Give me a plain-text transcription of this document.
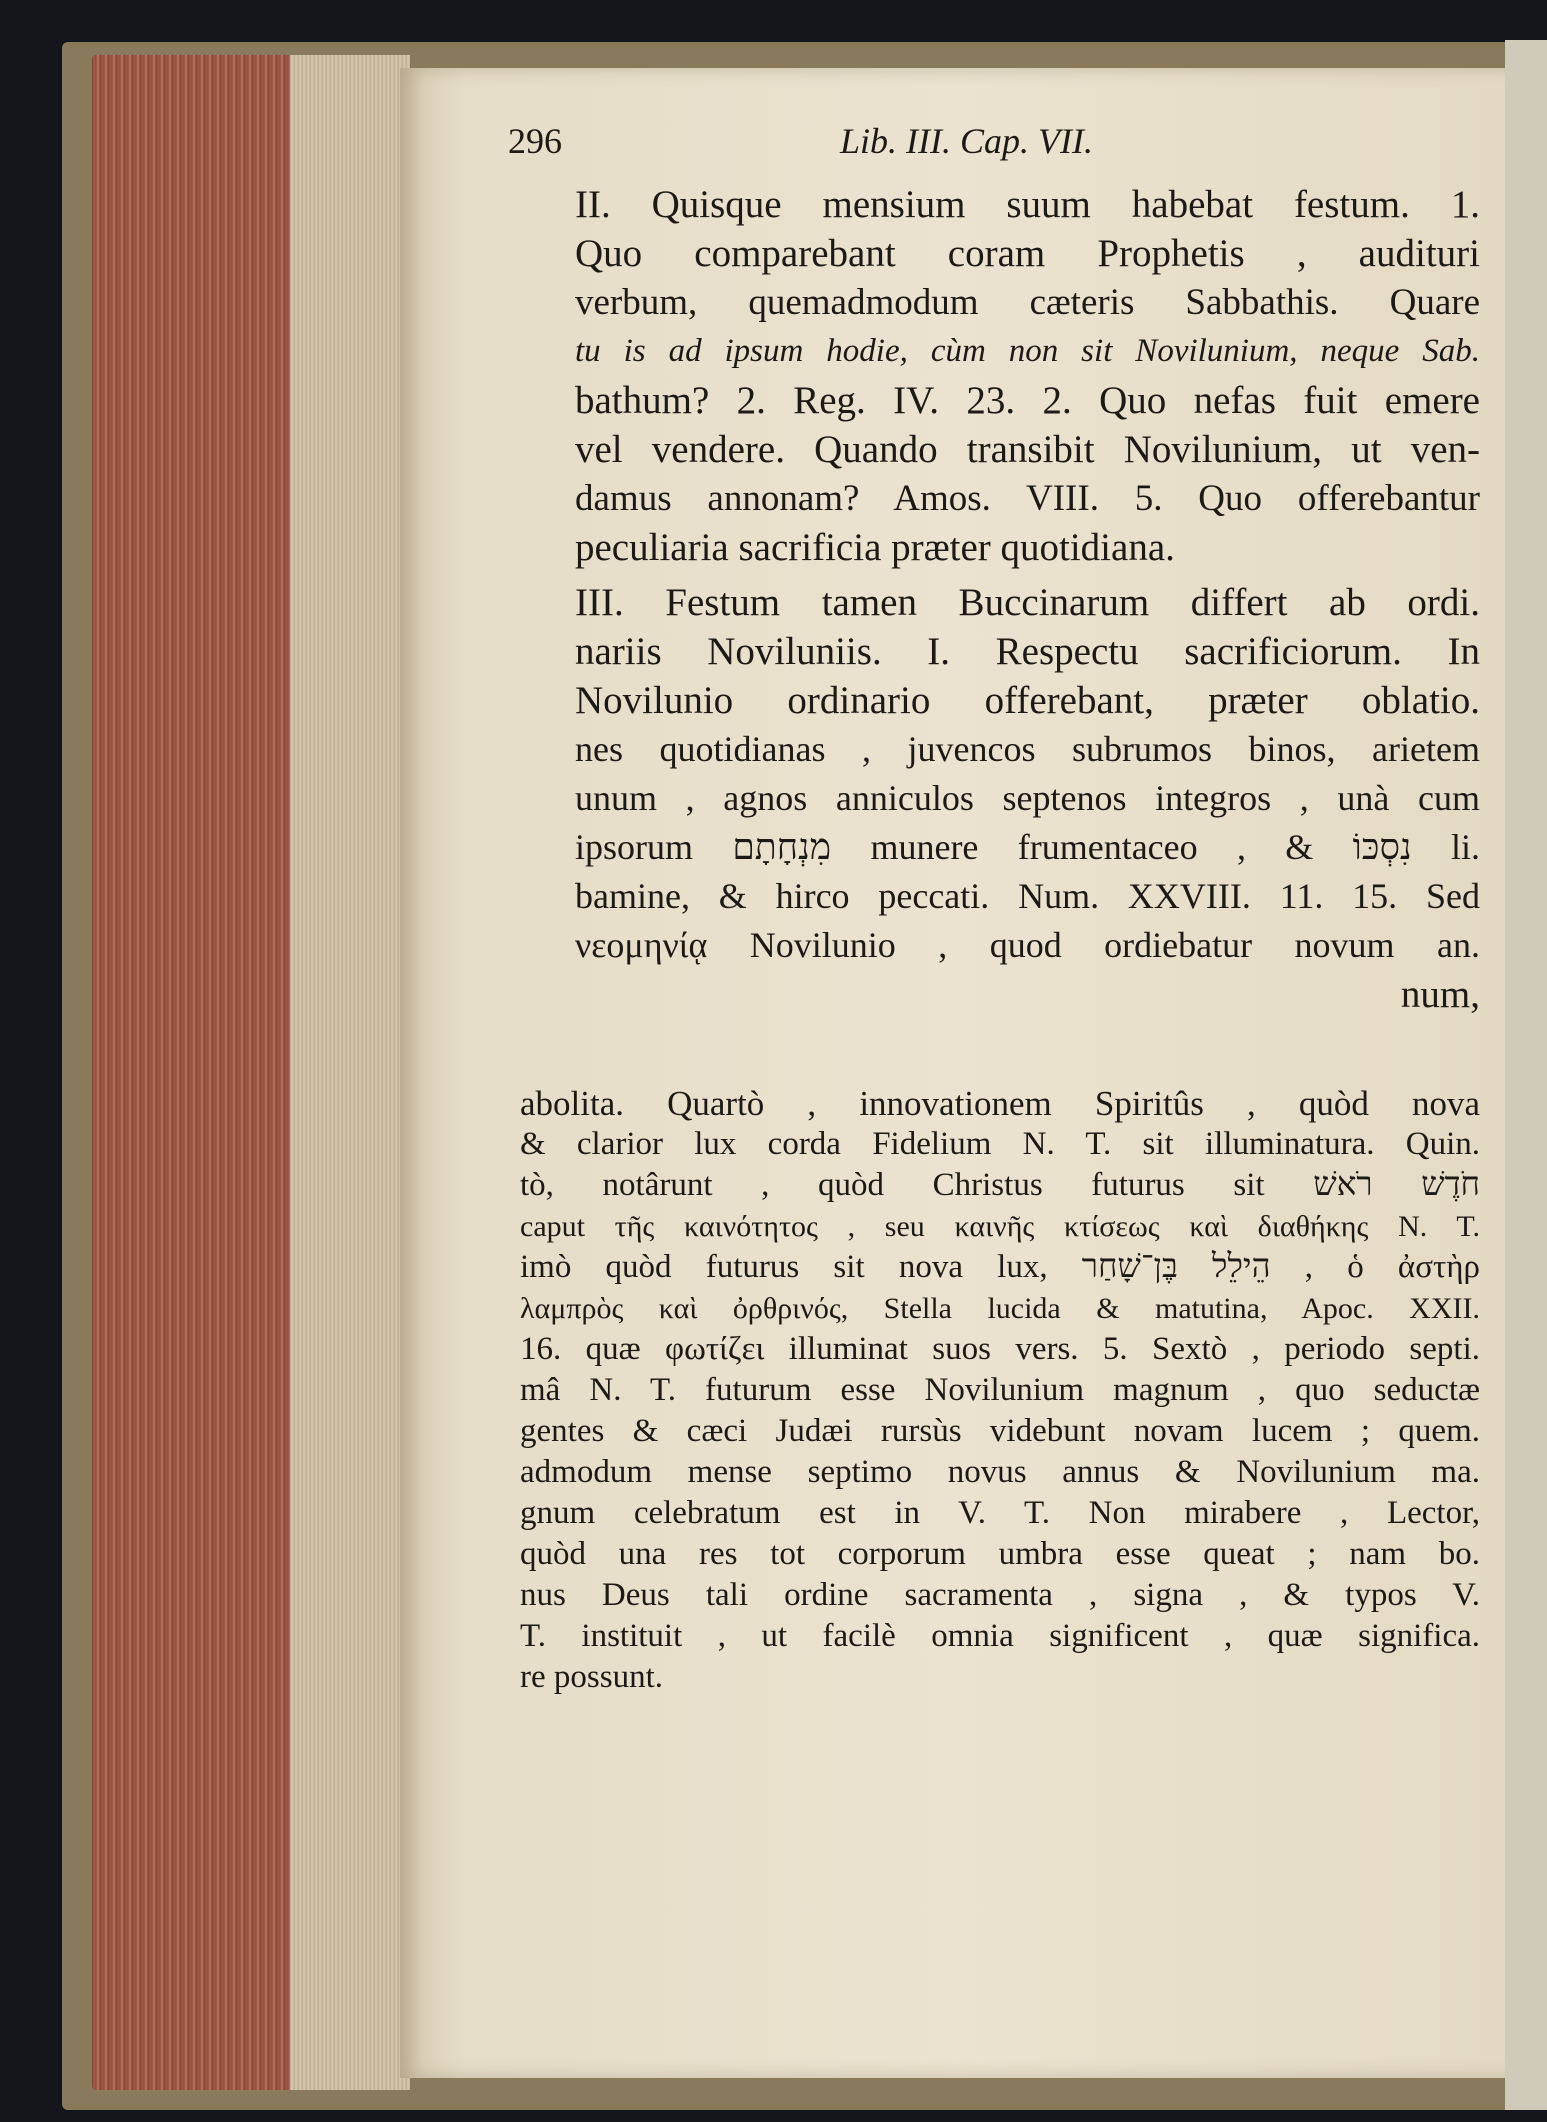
296	Lib. III. Cap. VII.

II. Quisque mensium suum habebat festum. 1.
Quo comparebant coram Prophetis , audituri
verbum, quemadmodum cæteris Sabbathis. Quare
tu is ad ipsum hodie, cùm non sit Novilunium, neque Sab.
bathum? 2. Reg. IV. 23. 2. Quo nefas fuit emere
vel vendere. Quando transibit Novilunium, ut ven-
damus annonam? Amos. VIII. 5. Quo offerebantur
peculiaria sacrificia præter quotidiana.

III. Festum tamen Buccinarum differt ab ordi.
nariis Noviluniis. I. Respectu sacrificiorum. In
Novilunio ordinario offerebant, præter oblatio.
nes quotidianas , juvencos subrumos binos, arietem
unum , agnos anniculos septenos integros , unà cum
ipsorum מִנְחָתָם munere frumentaceo , & נִסְכּוֹ li.
bamine, & hirco peccati. Num. XXVIII. 11. 15. Sed
νεομηνίᾳ Novilunio , quod ordiebatur novum an.
num,

abolita. Quartò , innovationem Spiritûs , quòd nova
& clarior lux corda Fidelium N. T. sit illuminatura. Quin.
tò, notârunt , quòd Christus futurus sit חֹדֶשׁ רֹאשׁ
caput τῆς καινότητος , seu καινῆς κτίσεως καὶ διαθήκης N. T.
imò quòd futurus sit nova lux, הֵילֵל בֶּן־שָׁחַר , ὁ ἀστὴρ
λαμπρὸς καὶ ὀρθρινός, Stella lucida & matutina, Apoc. XXII.
16. quæ φωτίζει illuminat suos vers. 5. Sextò , periodo septi.
mâ N. T. futurum esse Novilunium magnum , quo seductæ
gentes & cæci Judæi rursùs videbunt novam lucem ; quem.
admodum mense septimo novus annus & Novilunium ma.
gnum celebratum est in V. T. Non mirabere , Lector,
quòd una res tot corporum umbra esse queat ; nam bo.
nus Deus tali ordine sacramenta , signa , & typos V.
T. instituit , ut facilè omnia significent , quæ significa.
re possunt.
